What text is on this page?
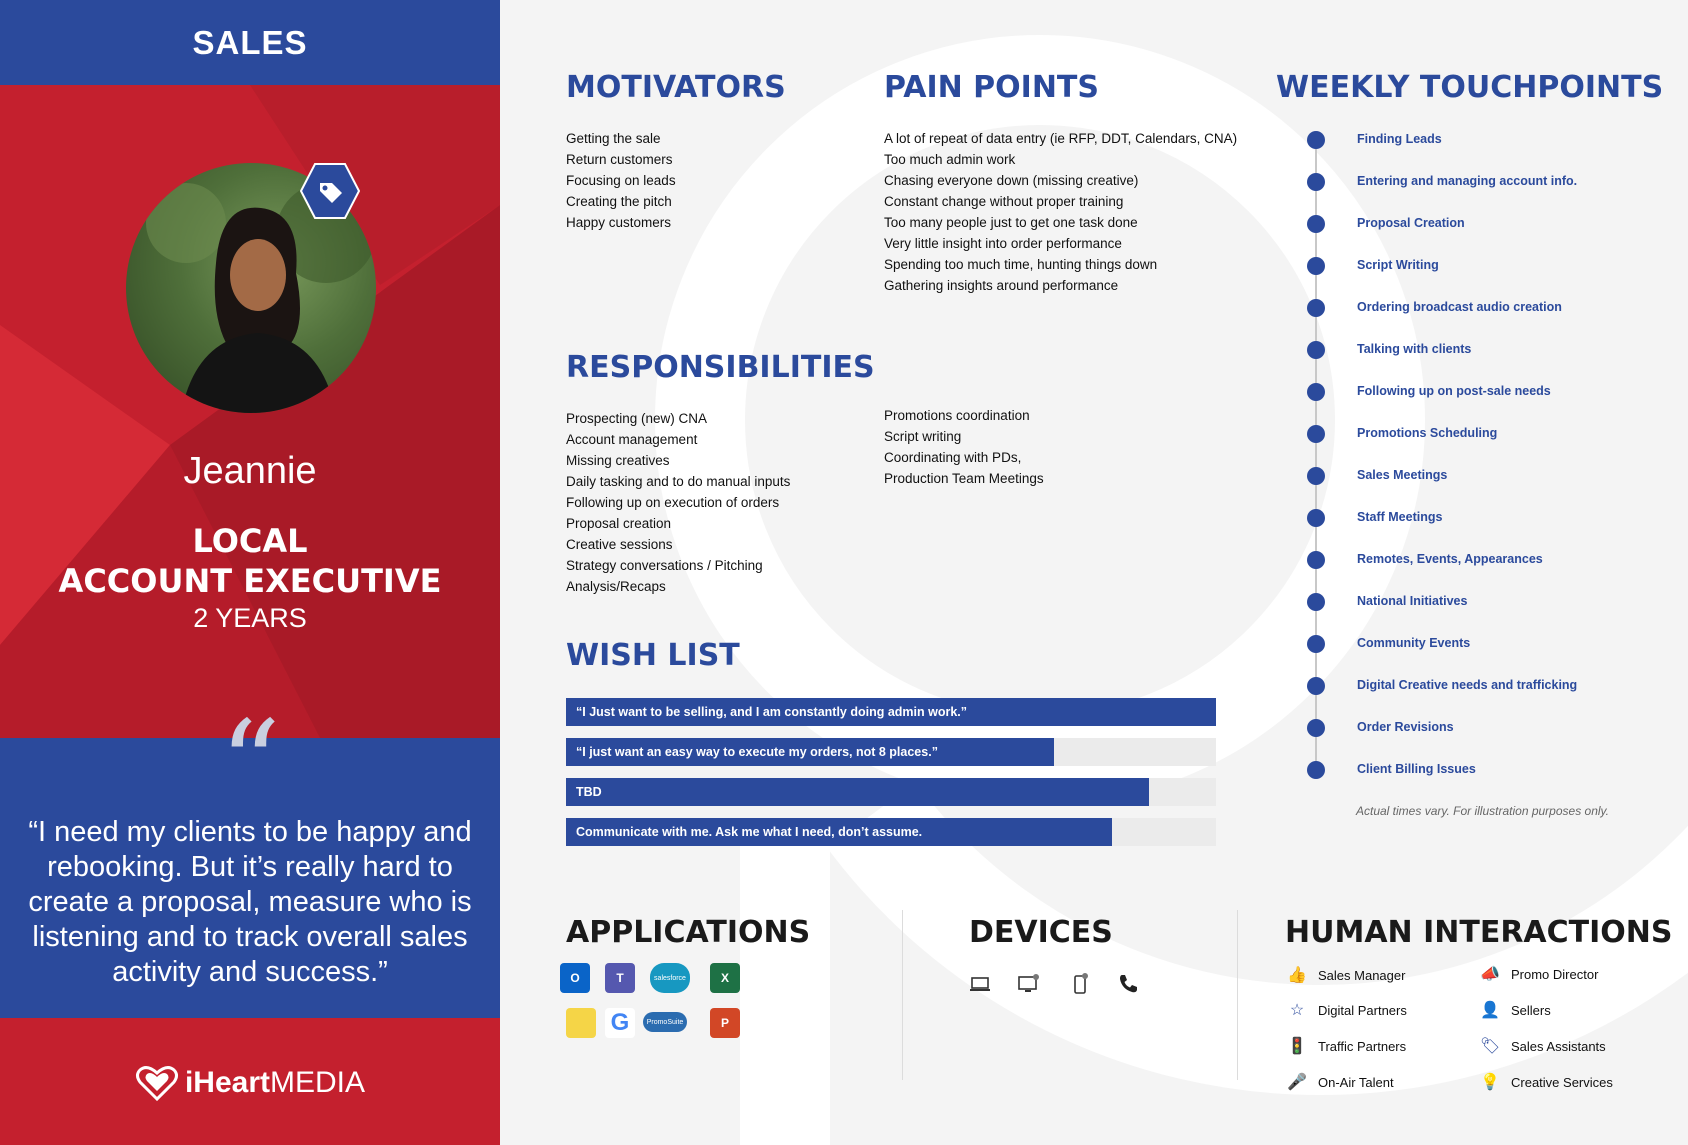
SALES
Jeannie
LOCAL
ACCOUNT EXECUTIVE
2 YEARS
“
“I need my clients to be happy and rebooking. But it’s really hard to create a proposal, measure who is listening and to track overall sales activity and success.”
iHeart MEDIA
MOTIVATORS
Getting the sale
Return customers
Focusing on leads
Creating the pitch
Happy customers
PAIN POINTS
A lot of repeat of data entry (ie RFP, DDT, Calendars, CNA)
Too much admin work
Chasing everyone down (missing creative)
Constant change without proper training
Too many people just to get one task done
Very little insight into order performance
Spending too much time, hunting things down
Gathering insights around performance
RESPONSIBILITIES
Prospecting (new) CNA
Account management
Missing creatives
Daily tasking and to do manual inputs
Following up on execution of orders
Proposal creation
Creative sessions
Strategy conversations / Pitching
Analysis/Recaps
Promotions coordination
Script writing
Coordinating with PDs,
Production Team Meetings
WISH LIST
“I Just want to be selling, and I am constantly doing admin work.”
“I just want an easy way to execute my orders, not 8 places.”
TBD
Communicate with me. Ask me what I need, don’t assume.
WEEKLY TOUCHPOINTS
Finding Leads
Entering and managing account info.
Proposal Creation
Script Writing
Ordering broadcast audio creation
Talking with clients
Following up on post-sale needs
Promotions Scheduling
Sales Meetings
Staff Meetings
Remotes, Events, Appearances
National Initiatives
Community Events
Digital Creative needs and trafficking
Order Revisions
Client Billing Issues
Actual times vary. For illustration purposes only.
APPLICATIONS
O	T	salesforce	X
G PromoSuite	P
DEVICES	HUMAN INTERACTIONS
👍 Sales Manager	📣 Promo Director
☆ Digital Partners	👤 Sellers
🚦 Traffic Partners	🏷 Sales Assistants
🎤 On-Air Talent	💡 Creative Services
